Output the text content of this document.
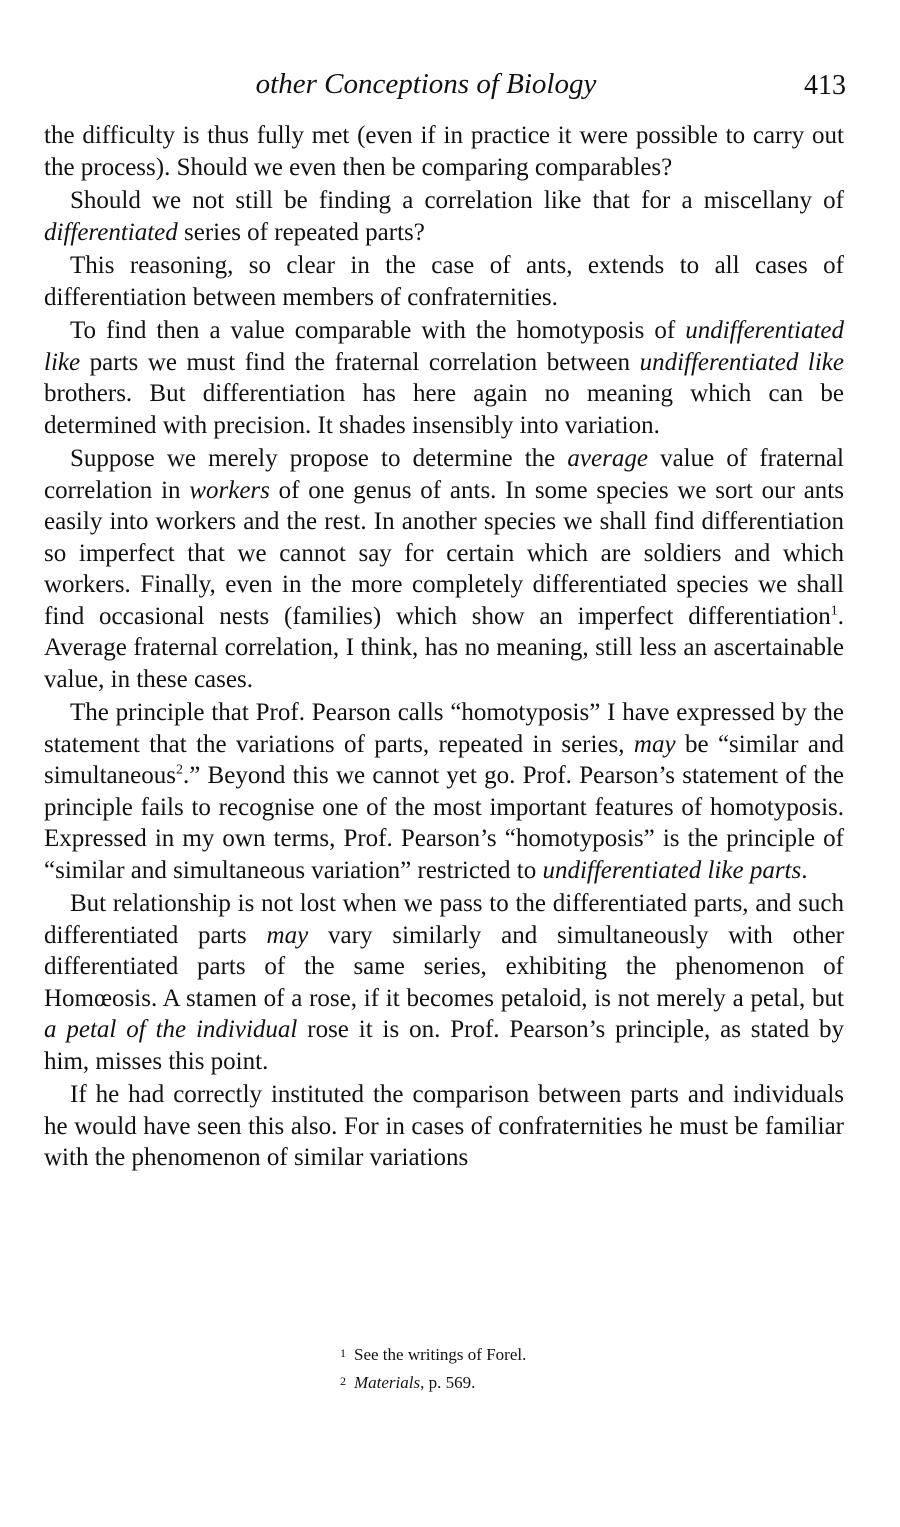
other Conceptions of Biology	413

the difficulty is thus fully met (even if in practice it were possible to carry out the process). Should we even then be comparing comparables?

Should we not still be finding a correlation like that for a miscellany of differentiated series of repeated parts?

This reasoning, so clear in the case of ants, extends to all cases of differentiation between members of confraternities.

To find then a value comparable with the homotyposis of undifferentiated like parts we must find the fraternal correlation between undifferentiated like brothers. But differentiation has here again no meaning which can be determined with precision. It shades insensibly into variation.

Suppose we merely propose to determine the average value of fraternal correlation in workers of one genus of ants. In some species we sort our ants easily into workers and the rest. In another species we shall find differentiation so imperfect that we cannot say for certain which are soldiers and which workers. Finally, even in the more completely differentiated species we shall find occasional nests (families) which show an imperfect differentiation$^1$. Average fraternal correlation, I think, has no meaning, still less an ascertainable value, in these cases.

The principle that Prof. Pearson calls “homotyposis” I have expressed by the statement that the variations of parts, repeated in series, may be “similar and simultaneous$^2$.” Beyond this we cannot yet go. Prof. Pearson’s statement of the principle fails to recognise one of the most important features of homotyposis. Expressed in my own terms, Prof. Pearson’s “homotyposis” is the principle of “similar and simultaneous variation” restricted to undifferentiated like parts.

But relationship is not lost when we pass to the differentiated parts, and such differentiated parts may vary similarly and simultaneously with other differentiated parts of the same series, exhibiting the phenomenon of Homœosis. A stamen of a rose, if it becomes petaloid, is not merely a petal, but a petal of the individual rose it is on. Prof. Pearson’s principle, as stated by him, misses this point.

If he had correctly instituted the comparison between parts and individuals he would have seen this also. For in cases of confraternities he must be familiar with the phenomenon of similar variations

1 See the writings of Forel.
2 Materials, p. 569.
